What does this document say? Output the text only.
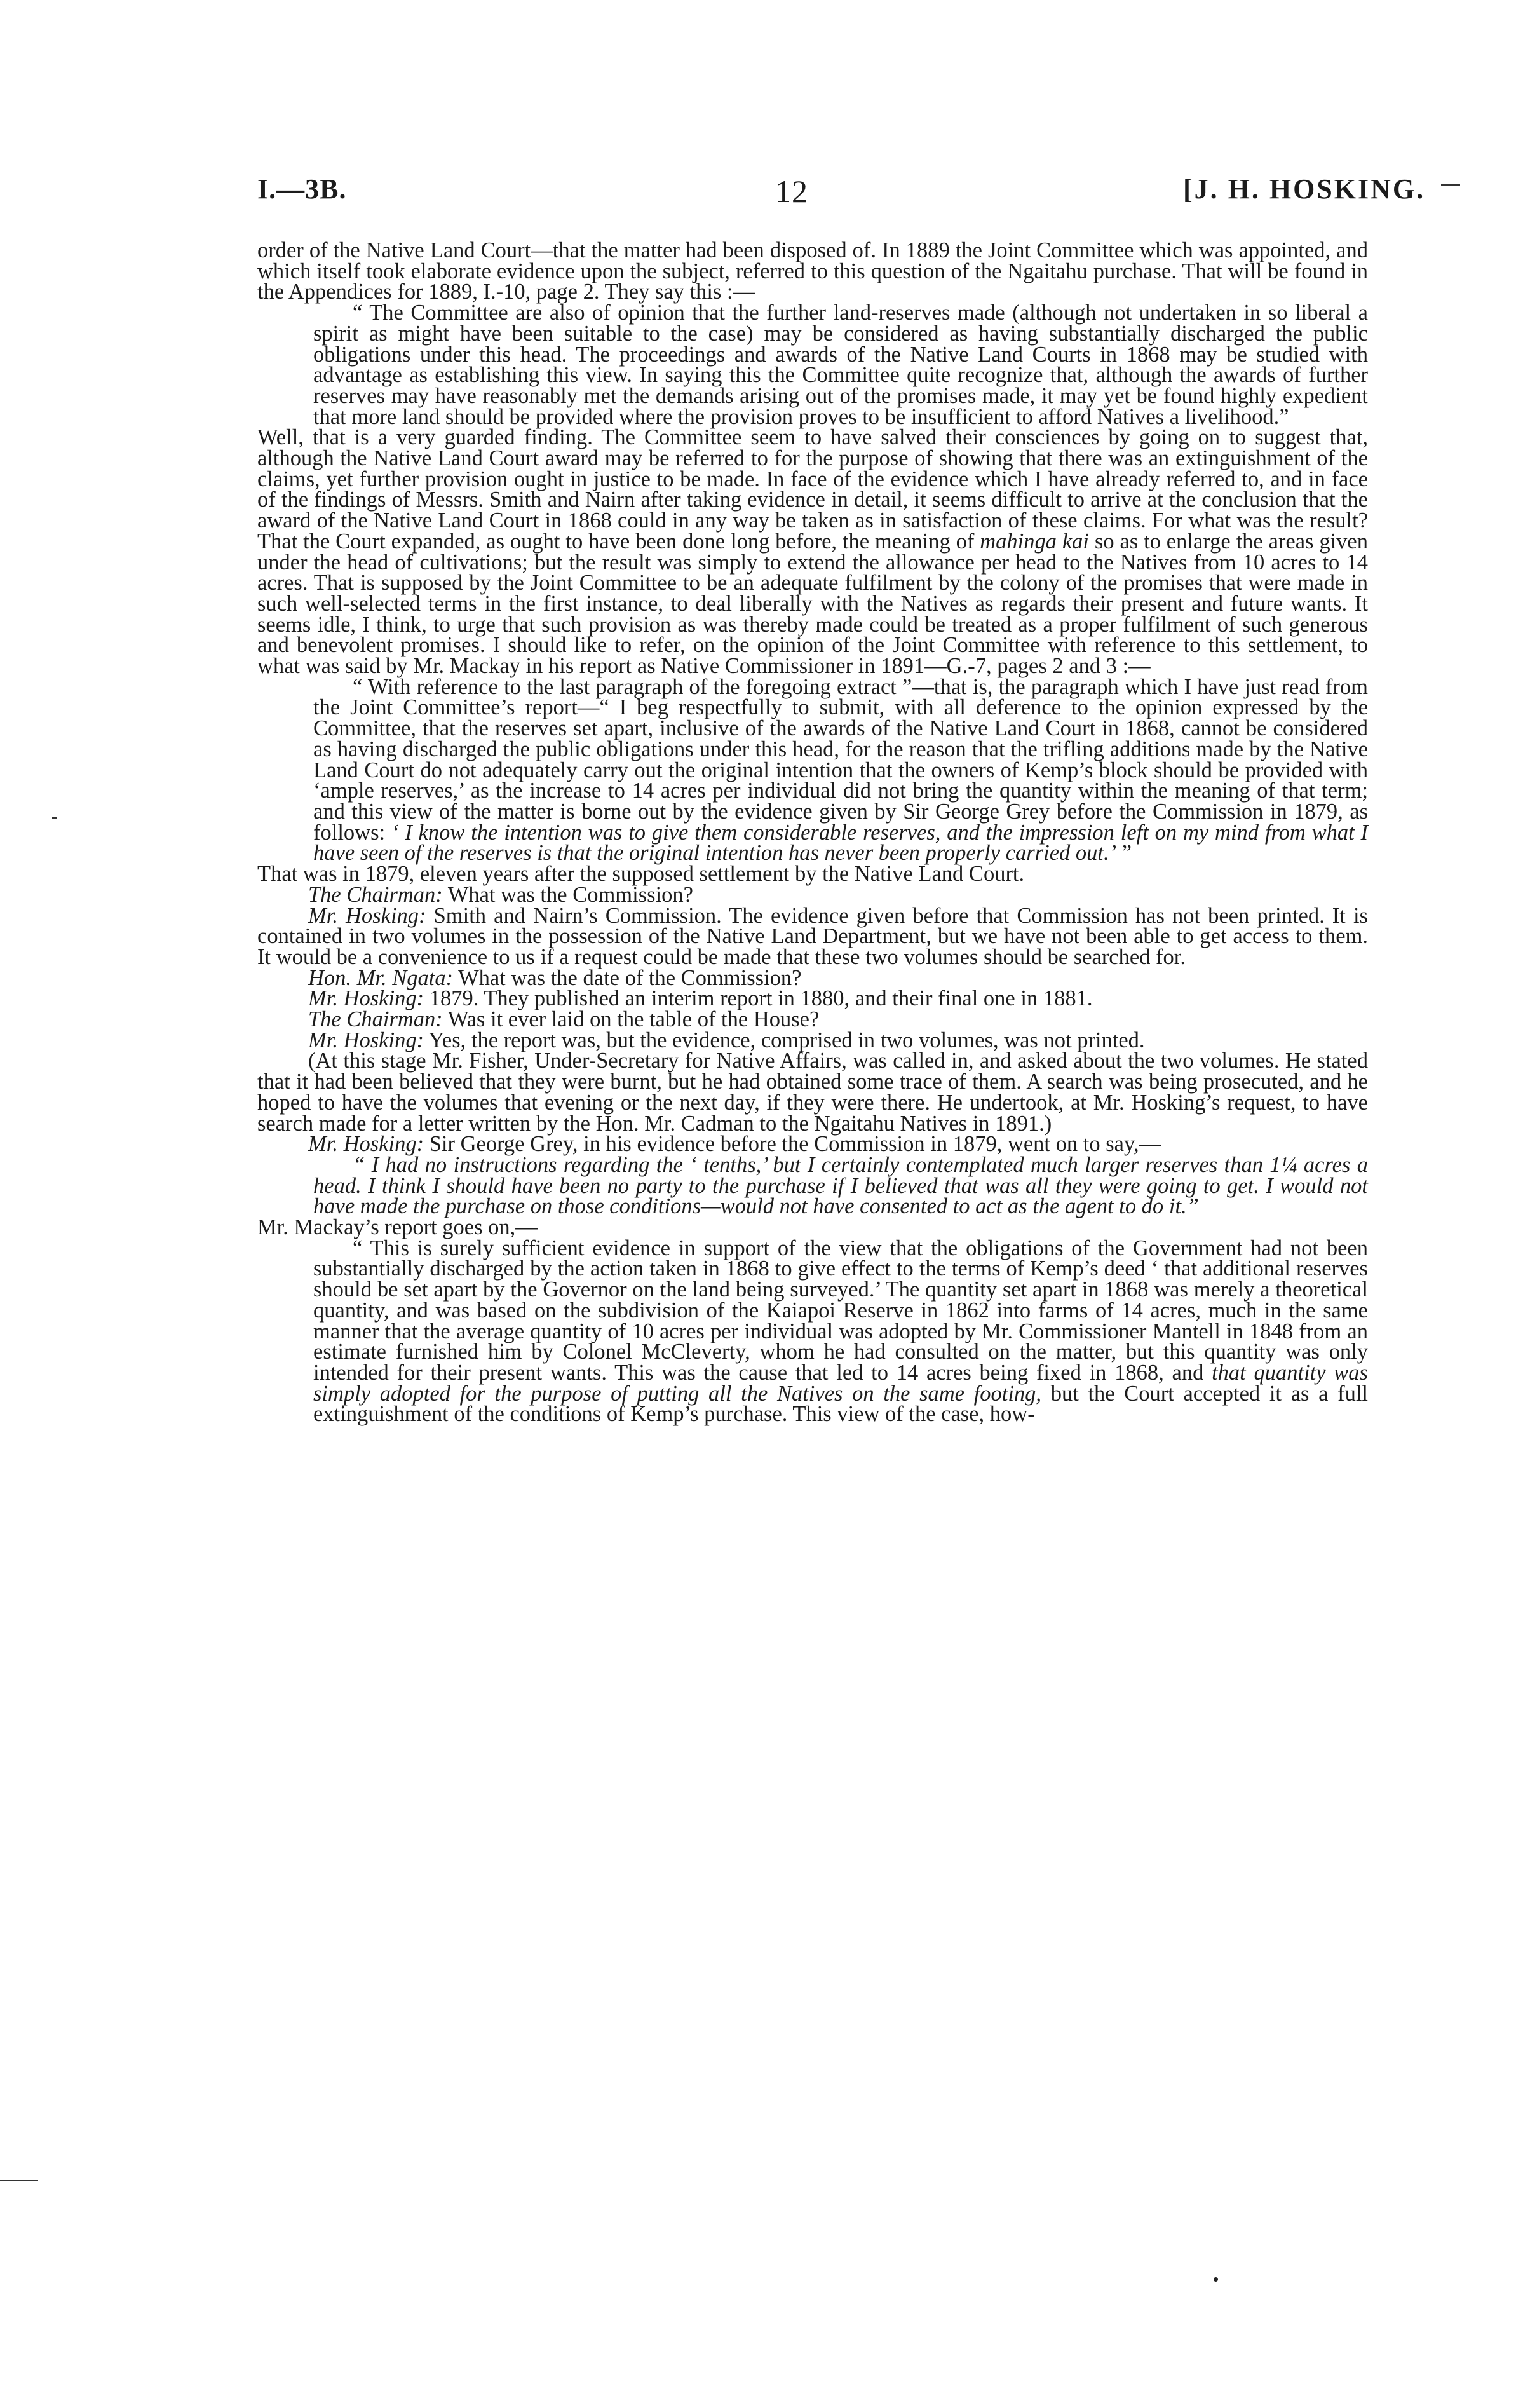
I.—3B.	12	[J. H. HOSKING.

order of the Native Land Court—that the matter had been disposed of. In 1889 the Joint Committee which was appointed, and which itself took elaborate evidence upon the subject, referred to this question of the Ngaitahu purchase. That will be found in the Appendices for 1889, I.-10, page 2. They say this :—

“ The Committee are also of opinion that the further land-reserves made (although not undertaken in so liberal a spirit as might have been suitable to the case) may be considered as having substantially discharged the public obligations under this head. The proceedings and awards of the Native Land Courts in 1868 may be studied with advantage as establishing this view. In saying this the Committee quite recognize that, although the awards of further reserves may have reasonably met the demands arising out of the promises made, it may yet be found highly expedient that more land should be provided where the provision proves to be insufficient to afford Natives a livelihood.”

Well, that is a very guarded finding. The Committee seem to have salved their consciences by going on to suggest that, although the Native Land Court award may be referred to for the purpose of showing that there was an extinguishment of the claims, yet further provision ought in justice to be made. In face of the evidence which I have already referred to, and in face of the findings of Messrs. Smith and Nairn after taking evidence in detail, it seems difficult to arrive at the conclusion that the award of the Native Land Court in 1868 could in any way be taken as in satisfaction of these claims. For what was the result? That the Court expanded, as ought to have been done long before, the meaning of mahinga kai so as to enlarge the areas given under the head of cultivations; but the result was simply to extend the allowance per head to the Natives from 10 acres to 14 acres. That is supposed by the Joint Committee to be an adequate fulfilment by the colony of the promises that were made in such well-selected terms in the first instance, to deal liberally with the Natives as regards their present and future wants. It seems idle, I think, to urge that such provision as was thereby made could be treated as a proper fulfilment of such generous and benevolent promises. I should like to refer, on the opinion of the Joint Committee with reference to this settlement, to what was said by Mr. Mackay in his report as Native Commissioner in 1891—G.-7, pages 2 and 3 :—

“ With reference to the last paragraph of the foregoing extract ”—that is, the paragraph which I have just read from the Joint Committee’s report—“ I beg respectfully to submit, with all deference to the opinion expressed by the Committee, that the reserves set apart, inclusive of the awards of the Native Land Court in 1868, cannot be considered as having discharged the public obligations under this head, for the reason that the trifling additions made by the Native Land Court do not adequately carry out the original intention that the owners of Kemp’s block should be provided with ‘ample reserves,’ as the increase to 14 acres per individual did not bring the quantity within the meaning of that term; and this view of the matter is borne out by the evidence given by Sir George Grey before the Commission in 1879, as follows: ‘ I know the intention was to give them considerable reserves, and the impression left on my mind from what I have seen of the reserves is that the original intention has never been properly carried out.’ ”

That was in 1879, eleven years after the supposed settlement by the Native Land Court.

The Chairman: What was the Commission?

Mr. Hosking: Smith and Nairn’s Commission. The evidence given before that Commission has not been printed. It is contained in two volumes in the possession of the Native Land Department, but we have not been able to get access to them. It would be a convenience to us if a request could be made that these two volumes should be searched for.

Hon. Mr. Ngata: What was the date of the Commission?

Mr. Hosking: 1879. They published an interim report in 1880, and their final one in 1881.

The Chairman: Was it ever laid on the table of the House?

Mr. Hosking: Yes, the report was, but the evidence, comprised in two volumes, was not printed.

(At this stage Mr. Fisher, Under-Secretary for Native Affairs, was called in, and asked about the two volumes. He stated that it had been believed that they were burnt, but he had obtained some trace of them. A search was being prosecuted, and he hoped to have the volumes that evening or the next day, if they were there. He undertook, at Mr. Hosking’s request, to have search made for a letter written by the Hon. Mr. Cadman to the Ngaitahu Natives in 1891.)

Mr. Hosking: Sir George Grey, in his evidence before the Commission in 1879, went on to say,—

“ I had no instructions regarding the ‘ tenths,’ but I certainly contemplated much larger reserves than 1¼ acres a head. I think I should have been no party to the purchase if I believed that was all they were going to get. I would not have made the purchase on those conditions—would not have consented to act as the agent to do it.”

Mr. Mackay’s report goes on,—

“ This is surely sufficient evidence in support of the view that the obligations of the Government had not been substantially discharged by the action taken in 1868 to give effect to the terms of Kemp’s deed ‘ that additional reserves should be set apart by the Governor on the land being surveyed.’ The quantity set apart in 1868 was merely a theoretical quantity, and was based on the subdivision of the Kaiapoi Reserve in 1862 into farms of 14 acres, much in the same manner that the average quantity of 10 acres per individual was adopted by Mr. Commissioner Mantell in 1848 from an estimate furnished him by Colonel McCleverty, whom he had consulted on the matter, but this quantity was only intended for their present wants. This was the cause that led to 14 acres being fixed in 1868, and that quantity was simply adopted for the purpose of putting all the Natives on the same footing, but the Court accepted it as a full extinguishment of the conditions of Kemp’s purchase. This view of the case, how-
